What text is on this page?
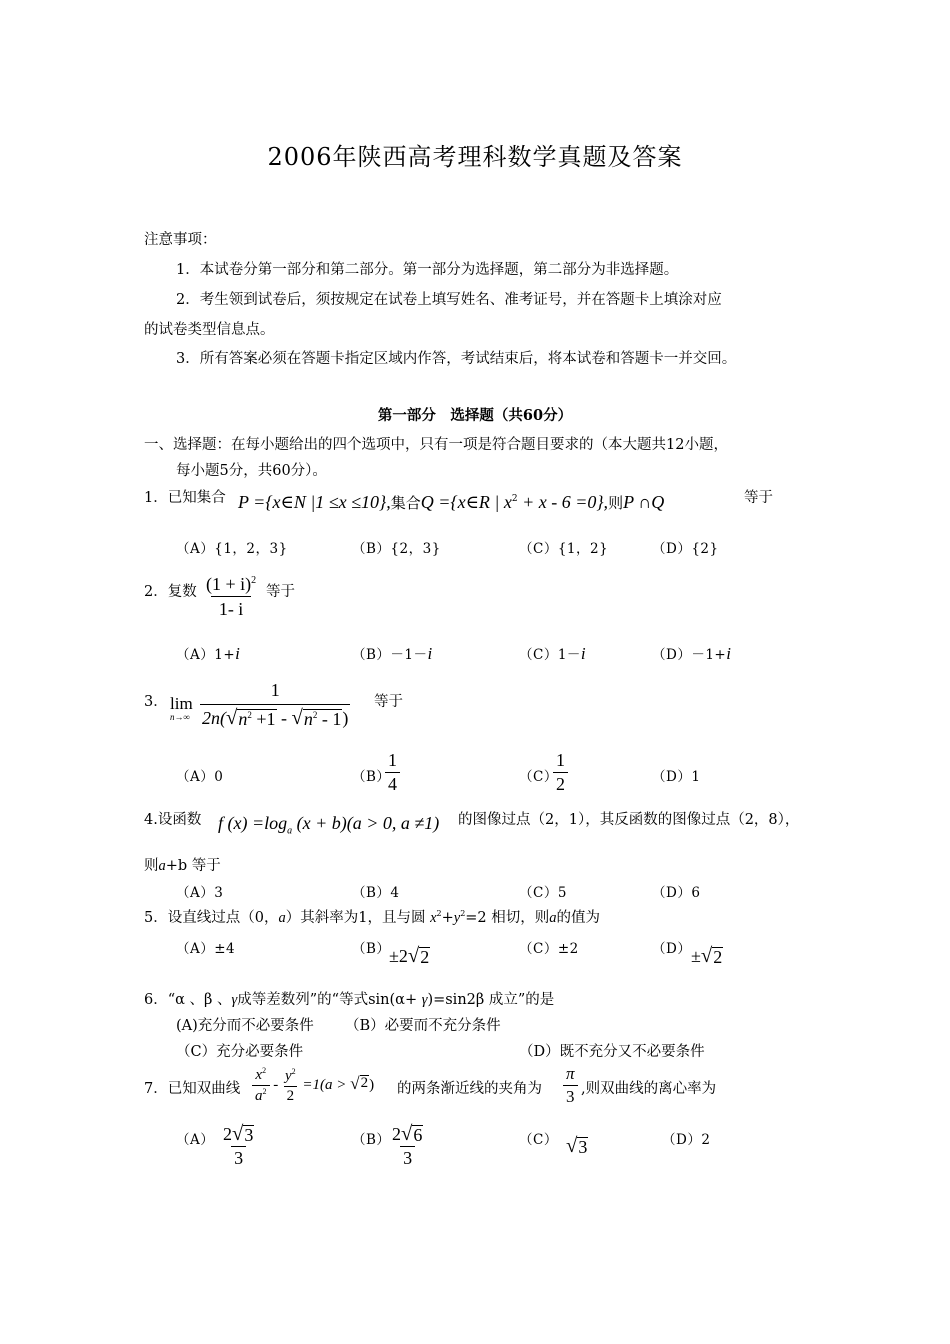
2006年陕西高考理科数学真题及答案
注意事项：
1．本试卷分第一部分和第二部分。第一部分为选择题，第二部分为非选择题。
2．考生领到试卷后，须按规定在试卷上填写姓名、准考证号，并在答题卡上填涂对应
的试卷类型信息点。
3．所有答案必须在答题卡指定区域内作答，考试结束后，将本试卷和答题卡一并交回。
第一部分　选择题（共60分）
一、选择题：在每小题给出的四个选项中，只有一项是符合题目要求的（本大题共12小题，
每小题5分，共60分）。
1．已知集合 P ={x∈N |1 ≤x ≤10},集合Q ={x∈R | $x^2 + x - 6 =0$},则P ∩Q	等于
（A）{1，2，3}	（B）{2，3}	（C）{1，2}	（D）{2}
2．复数 $\frac{(1 + i)^2}{1- i}$ 等于
（A）1+i	（B）－1－i	（C）1－i	（D）－1+i
3． lim
$n\to\infty \frac{1}{2n( √ n^2 +1 - √ n^2 - 1 )}$ 等于
（A）0	（B）
$\frac{1}{4}$	（C）
$\frac{1}{2}$	（D）1
4.设函数 f $(x) =\log_a$ (x + b)(a > 0, a ≠1) 的图像过点（2，1），其反函数的图像过点（2，8），
则a+b 等于
（A）3	（B）4	（C）5	（D）6
5．设直线过点（0，a）其斜率为1，且与圆 $x^2+y^2=2$ 相切，则a的值为
（A）±4	（B）
±2 √ 2	（C）±2	（D） ± √ 2
6．“α 、β 、γ成等差数列”的“等式sin(α+ γ)=sin2β 成立”的是
(A)充分而不必要条件 （B）必要而不充分条件
（C）充分必要条件	（D）既不充分又不必要条件
7．已知双曲线 $\frac{x^2}{a^2} - \frac{y^2}{2} =1(a$ > √ 2 ) 的两条渐近线的夹角为 $\frac{\pi}{3}$ ,则双曲线的离心率为
$(A) \frac{2 √ 3}{3}$	（B）
$\frac{2 √ 6}{3}$	（C） √ 3	（D）2
